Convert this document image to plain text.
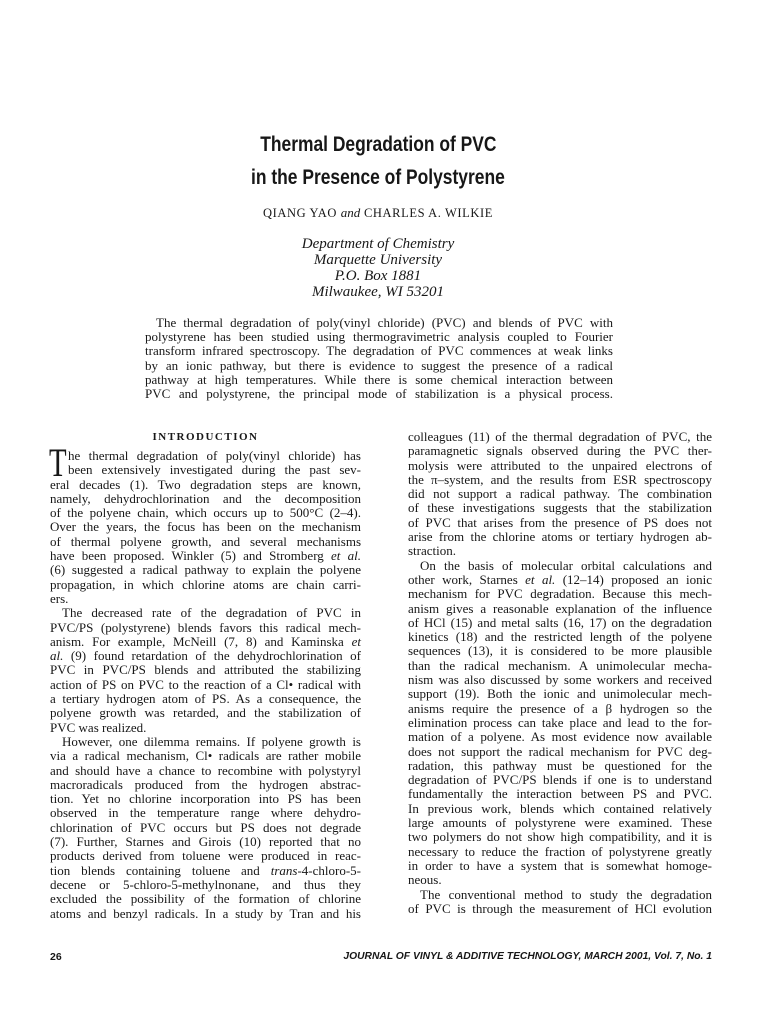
Thermal Degradation of PVC
in the Presence of Polystyrene
QIANG YAO and CHARLES A. WILKIE
Department of Chemistry
Marquette University
P.O. Box 1881
Milwaukee, WI 53201
The thermal degradation of poly(vinyl chloride) (PVC) and blends of PVC with
polystyrene has been studied using thermogravimetric analysis coupled to Fourier
transform infrared spectroscopy. The degradation of PVC commences at weak links
by an ionic pathway, but there is evidence to suggest the presence of a radical
pathway at high temperatures. While there is some chemical interaction between
PVC and polystyrene, the principal mode of stabilization is a physical process.
INTRODUCTION
T he thermal degradation of poly(vinyl chloride) has
been extensively investigated during the past sev-
eral decades (1). Two degradation steps are known,
namely, dehydrochlorination and the decomposition
of the polyene chain, which occurs up to 500°C (2–4).
Over the years, the focus has been on the mechanism
of thermal polyene growth, and several mechanisms
have been proposed. Winkler (5) and Stromberg et al.
(6) suggested a radical pathway to explain the polyene
propagation, in which chlorine atoms are chain carri-
ers.
The decreased rate of the degradation of PVC in
PVC/PS (polystyrene) blends favors this radical mech-
anism. For example, McNeill (7, 8) and Kaminska et
al. (9) found retardation of the dehydrochlorination of
PVC in PVC/PS blends and attributed the stabilizing
action of PS on PVC to the reaction of a Cl• radical with
a tertiary hydrogen atom of PS. As a consequence, the
polyene growth was retarded, and the stabilization of
PVC was realized.
However, one dilemma remains. If polyene growth is
via a radical mechanism, Cl• radicals are rather mobile
and should have a chance to recombine with polystyryl
macroradicals produced from the hydrogen abstrac-
tion. Yet no chlorine incorporation into PS has been
observed in the temperature range where dehydro-
chlorination of PVC occurs but PS does not degrade
(7). Further, Starnes and Girois (10) reported that no
products derived from toluene were produced in reac-
tion blends containing toluene and trans-4-chloro-5-
decene or 5-chloro-5-methylnonane, and thus they
excluded the possibility of the formation of chlorine
atoms and benzyl radicals. In a study by Tran and his
colleagues (11) of the thermal degradation of PVC, the
paramagnetic signals observed during the PVC ther-
molysis were attributed to the unpaired electrons of
the π–system, and the results from ESR spectroscopy
did not support a radical pathway. The combination
of these investigations suggests that the stabilization
of PVC that arises from the presence of PS does not
arise from the chlorine atoms or tertiary hydrogen ab-
straction.
On the basis of molecular orbital calculations and
other work, Starnes et al. (12–14) proposed an ionic
mechanism for PVC degradation. Because this mech-
anism gives a reasonable explanation of the influence
of HCl (15) and metal salts (16, 17) on the degradation
kinetics (18) and the restricted length of the polyene
sequences (13), it is considered to be more plausible
than the radical mechanism. A unimolecular mecha-
nism was also discussed by some workers and received
support (19). Both the ionic and unimolecular mech-
anisms require the presence of a β hydrogen so the
elimination process can take place and lead to the for-
mation of a polyene. As most evidence now available
does not support the radical mechanism for PVC deg-
radation, this pathway must be questioned for the
degradation of PVC/PS blends if one is to understand
fundamentally the interaction between PS and PVC.
In previous work, blends which contained relatively
large amounts of polystyrene were examined. These
two polymers do not show high compatibility, and it is
necessary to reduce the fraction of polystyrene greatly
in order to have a system that is somewhat homoge-
neous.
The conventional method to study the degradation
of PVC is through the measurement of HCl evolution
26	JOURNAL OF VINYL & ADDITIVE TECHNOLOGY, MARCH 2001, Vol. 7, No. 1
